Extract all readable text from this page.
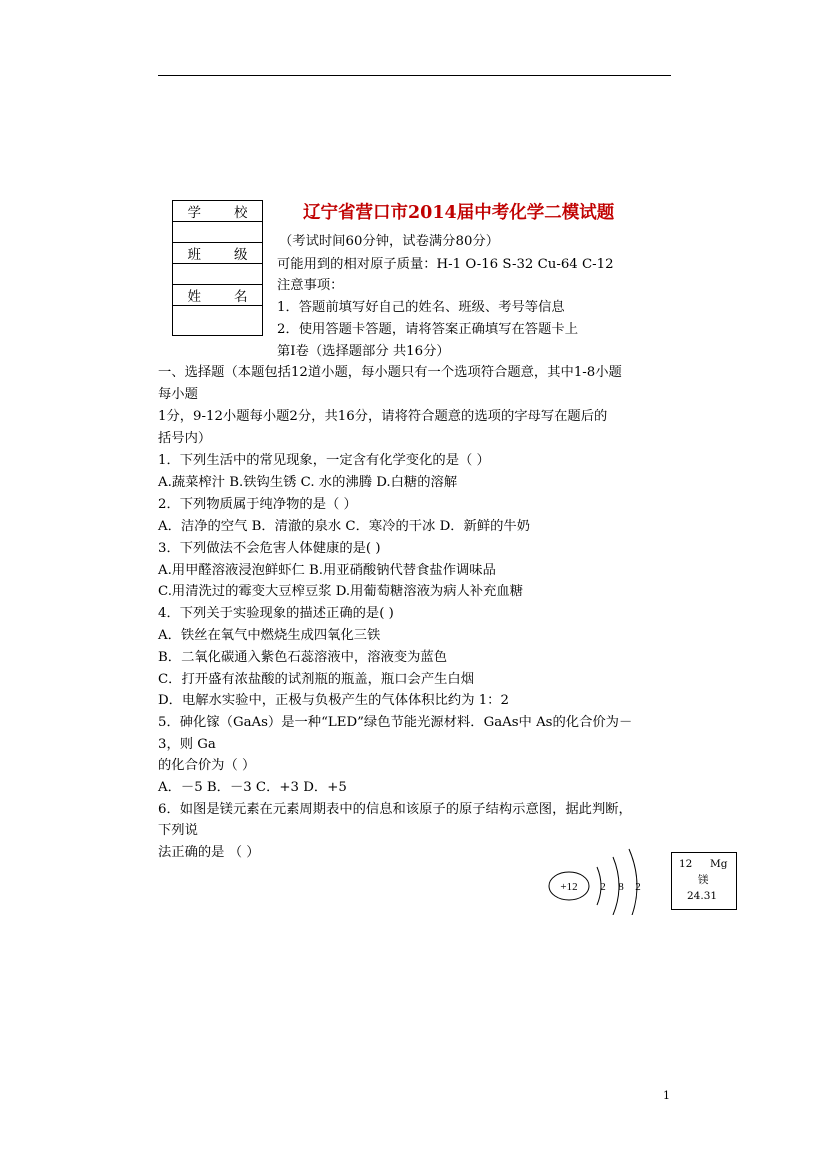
学校

班级

姓名

辽宁省营口市2014届中考化学二模试题
（考试时间60分钟，试卷满分80分）
可能用到的相对原子质量：H-1 O-16 S-32 Cu-64 C-12
注意事项：
1．答题前填写好自己的姓名、班级、考号等信息
2．使用答题卡答题，请将答案正确填写在答题卡上
第Ⅰ卷（选择题部分 共16分）
一、选择题（本题包括12道小题，每小题只有一个选项符合题意，其中1-8小题
每小题
1分，9-12小题每小题2分，共16分，请将符合题意的选项的字母写在题后的
括号内）
1．下列生活中的常见现象，一定含有化学变化的是（ ）
A.蔬菜榨汁 B.铁钩生锈 C. 水的沸腾 D.白糖的溶解
2．下列物质属于纯净物的是（ ）
A．洁净的空气 B．清澈的泉水 C．寒冷的干冰 D．新鲜的牛奶
3．下列做法不会危害人体健康的是( )
A.用甲醛溶液浸泡鲜虾仁 B.用亚硝酸钠代替食盐作调味品
C.用清洗过的霉变大豆榨豆浆 D.用葡萄糖溶液为病人补充血糖
4．下列关于实验现象的描述正确的是( )
A．铁丝在氧气中燃烧生成四氧化三铁
B．二氧化碳通入紫色石蕊溶液中，溶液变为蓝色
C．打开盛有浓盐酸的试剂瓶的瓶盖，瓶口会产生白烟
D．电解水实验中，正极与负极产生的气体体积比约为 1：2
5．砷化镓（GaAs）是一种“LED”绿色节能光源材料．GaAs中 As的化合价为－
3，则 Ga
的化合价为（ ）
A．－5 B．－3 C．+3 D．+5
6．如图是镁元素在元素周期表中的信息和该原子的原子结构示意图，据此判断，
下列说
法正确的是 （ ）
+12 2 8 2
12 Mg
镁
24.31
1
